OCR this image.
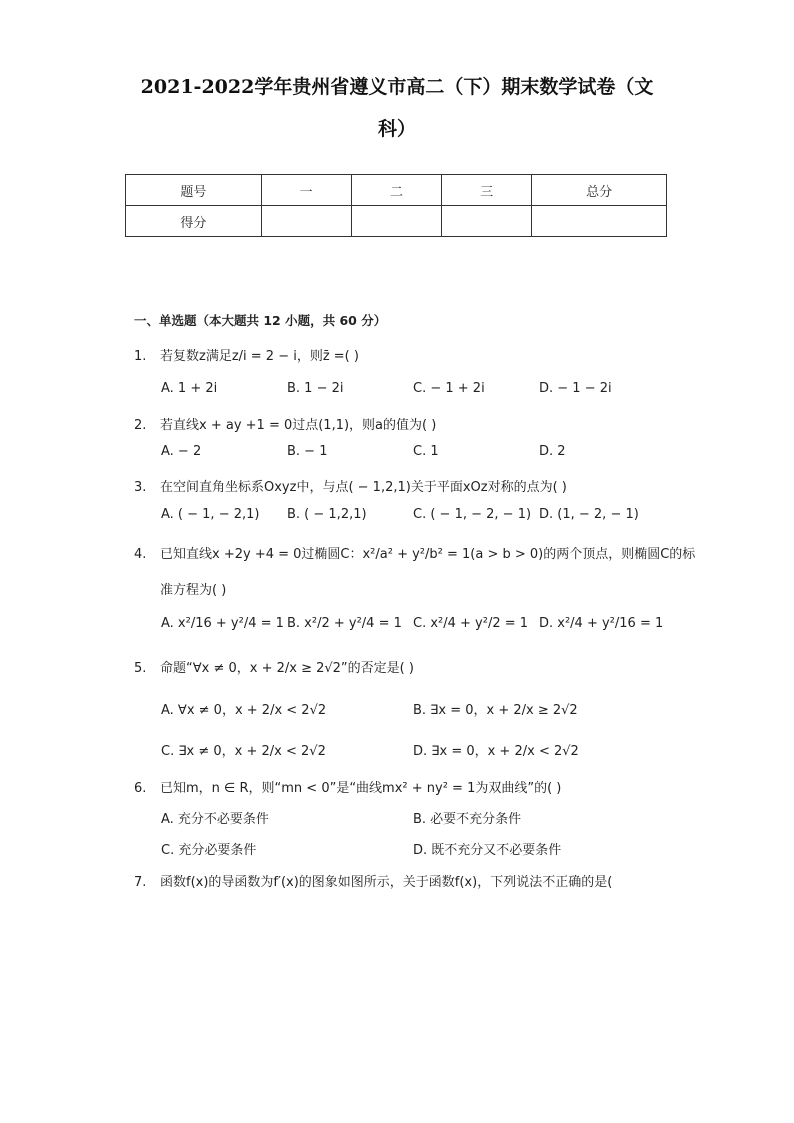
2021-2022学年贵州省遵义市高二（下）期末数学试卷（文
科）
题号	一	二	三	总分
得分				
一、单选题（本大题共 12 小题，共 60 分）
1. 若复数z满足z/i = 2 − i，则z̄ =( )
A. 1 + 2i	B. 1 − 2i	C. − 1 + 2i	D. − 1 − 2i
2. 若直线x + ay +1 = 0过点(1,1)，则a的值为( )
A. − 2	B. − 1	C. 1	D. 2
3. 在空间直角坐标系Oxyz中，与点( − 1,2,1)关于平面xOz对称的点为( )
A. ( − 1, − 2,1) B. ( − 1,2,1)	C. ( − 1, − 2, − 1) D. (1, − 2, − 1)
4. 已知直线x +2y +4 = 0过椭圆C：x²/a² + y²/b² = 1(a > b > 0)的两个顶点，则椭圆C的标
准方程为( )
A. x²/16 + y²/4 = 1 B. x²/2 + y²/4 = 1 C. x²/4 + y²/2 = 1 D. x²/4 + y²/16 = 1
5. 命题“∀x ≠ 0，x + 2/x ≥ 2√2”的否定是( )
A. ∀x ≠ 0，x + 2/x < 2√2	B. ∃x = 0，x + 2/x ≥ 2√2
C. ∃x ≠ 0，x + 2/x < 2√2	D. ∃x = 0，x + 2/x < 2√2
6. 已知m，n ∈ R，则“mn < 0”是“曲线mx² + ny² = 1为双曲线”的( )
A. 充分不必要条件	B. 必要不充分条件
C. 充分必要条件	D. 既不充分又不必要条件
7. 函数f(x)的导函数为f′(x)的图象如图所示，关于函数f(x)，下列说法不正确的是(
